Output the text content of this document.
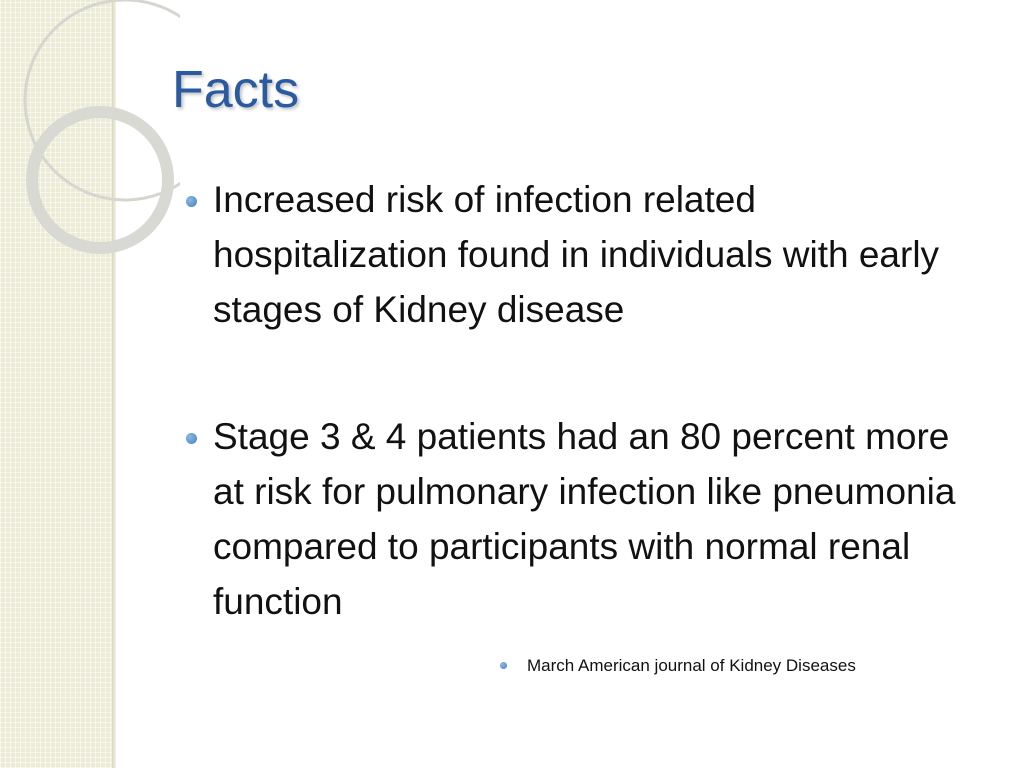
Facts
Increased risk of infection related hospitalization found in individuals with early stages of Kidney disease
Stage 3 & 4 patients had an 80 percent more at risk for pulmonary infection like pneumonia compared to participants with normal renal function
March American journal of Kidney Diseases
